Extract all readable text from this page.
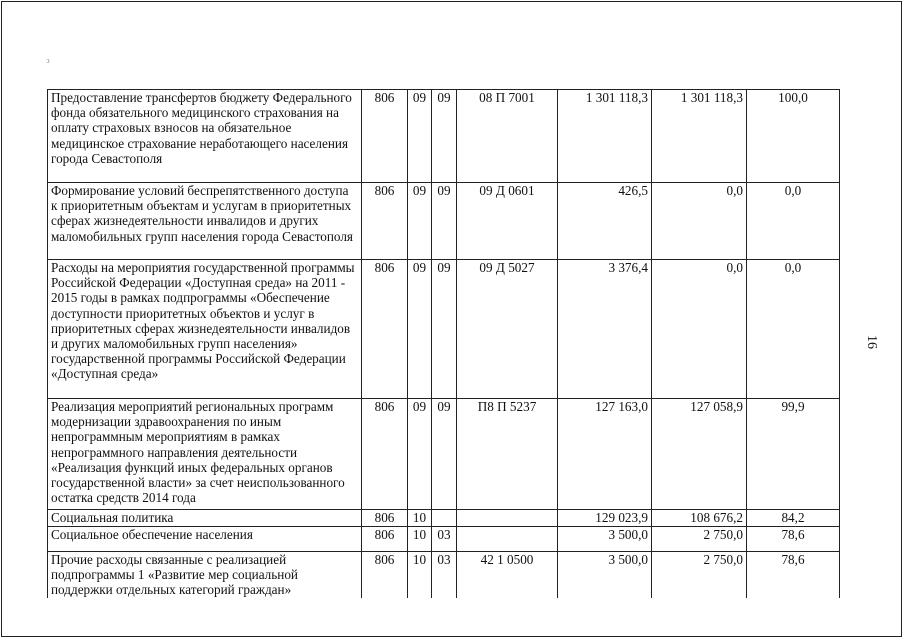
ↄ
16
Предоставление трансфертов бюджету Федерального фонда обязательного медицинского страхования на оплату страховых взносов на обязательное медицинское страхование неработающего населения города Севастополя	806	09	09	08 П 7001	1 301 118,3	1 301 118,3	100,0
Формирование условий беспрепятственного доступа к приоритетным объектам и услугам в приоритетных сферах жизнедеятельности инвалидов и других маломобильных групп населения города Севастополя	806	09	09	09 Д 0601	426,5	0,0	0,0
Расходы на мероприятия государственной программы Российской Федерации «Доступная среда» на 2011 - 2015 годы в рамках подпрограммы «Обеспечение доступности приоритетных объектов и услуг в приоритетных сферах жизнедеятельности инвалидов и других маломобильных групп населения» государственной программы Российской Федерации «Доступная среда»	806	09	09	09 Д 5027	3 376,4	0,0	0,0
Реализация мероприятий региональных программ модернизации здравоохранения по иным непрограммным мероприятиям в рамках непрограммного направления деятельности «Реализация функций иных федеральных органов государственной власти» за счет неиспользованного остатка средств 2014 года	806	09	09	П8 П 5237	127 163,0	127 058,9	99,9
Социальная политика	806	10			129 023,9	108 676,2	84,2
Социальное обеспечение населения	806	10	03		3 500,0	2 750,0	78,6
Прочие расходы связанные с реализацией подпрограммы 1 «Развитие мер социальной поддержки отдельных категорий граждан»	806	10	03	42 1 0500	3 500,0	2 750,0	78,6
